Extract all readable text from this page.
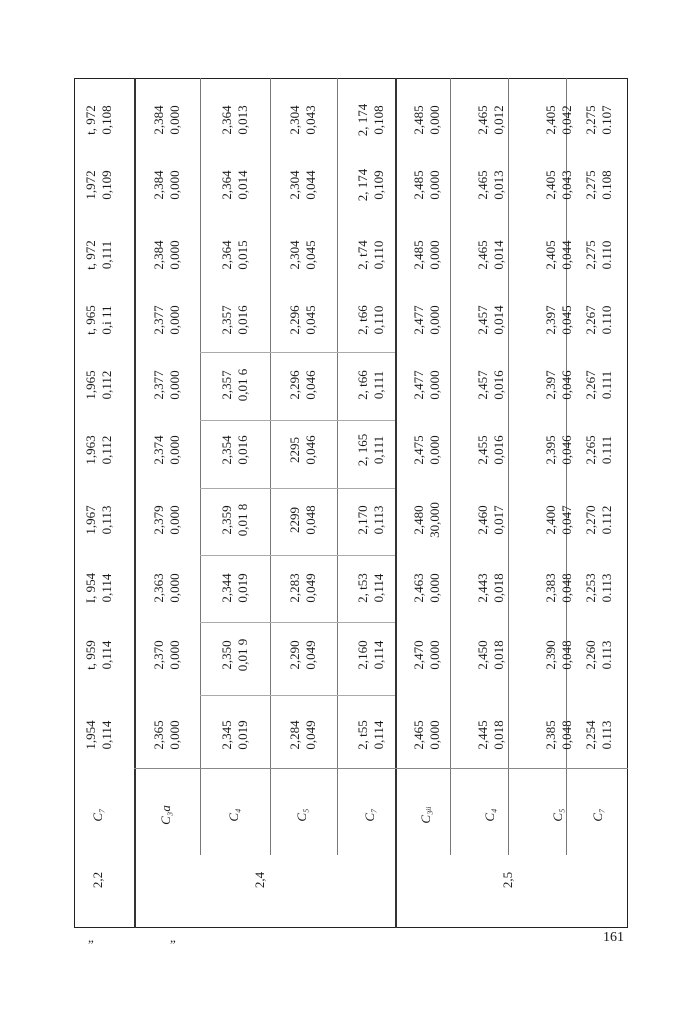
2,2
C₇
1,954 0,114
t, 959 0,114
I, 954 0,114
1,967 0,113
1,963 0,112
1,965 0,112
t, 965 0,i 11
t, 972 0,111
1,972 0,109
t, 972 0,108
2,4
C₃a
2,365 0,000
2,370 0,000
2,363 0,000
2,379 0,000
2,374 0,000
2,377 0,000
2,377 0,000
2,384 0,000
2,384 0,000
2,384 0,000
C₄
2,345 0,019
2,350 0,01 9
2,344 0,019
2,359 0,01 8
2,354 0,016
2,357 0,01 6
2,357 0,016
2,364 0,015
2,364 0,014
2,364 0,013
C₅
2,284 0,049
2,290 0,049
2,283 0,049
2299 0,048
2295 0,046
2,296 0,046
2,296 0,045
2,304 0,045
2,304 0,044
2,304 0,043
C₇
2, t55 0,114
2,160 0,114
2, t53 0,114
2,170 0,113
2, 165 0,111
2, t66 0,111
2, t66 0,110
2, t74 0,110
2, 174 0,109
2, 174 0,108
2,5
C₃ᵢᵢ
2,465 0,000
2,470 0,000
2,463 0,000
2,480 30,000
2,475 0,000
2,477 0,000
2,477 0,000
2,485 0,000
2,485 0,000
2,485 0,000
C₄
2,445 0,018
2,450 0,018
2,443 0,018
2,460 0,017
2,455 0,016
2,457 0,016
2,457 0,014
2,465 0,014
2,465 0,013
2,465 0,012
C₅
2,385 0,048
2,390 0,048
2,383 0,048
2,400 0,047
2,395 0,046
2,397 0,046
2,397 0,045
2,405 0,044
2,405 0,043
2,405 0,042
C₇
2,254 0.113
2,260 0.113
2,253 0.113
2,270 0.112
2,265 0.111
2,267 0.111
2,267 0.110
2,275 0.110
2,275 0.108
2,275 0.107
„	„	161
